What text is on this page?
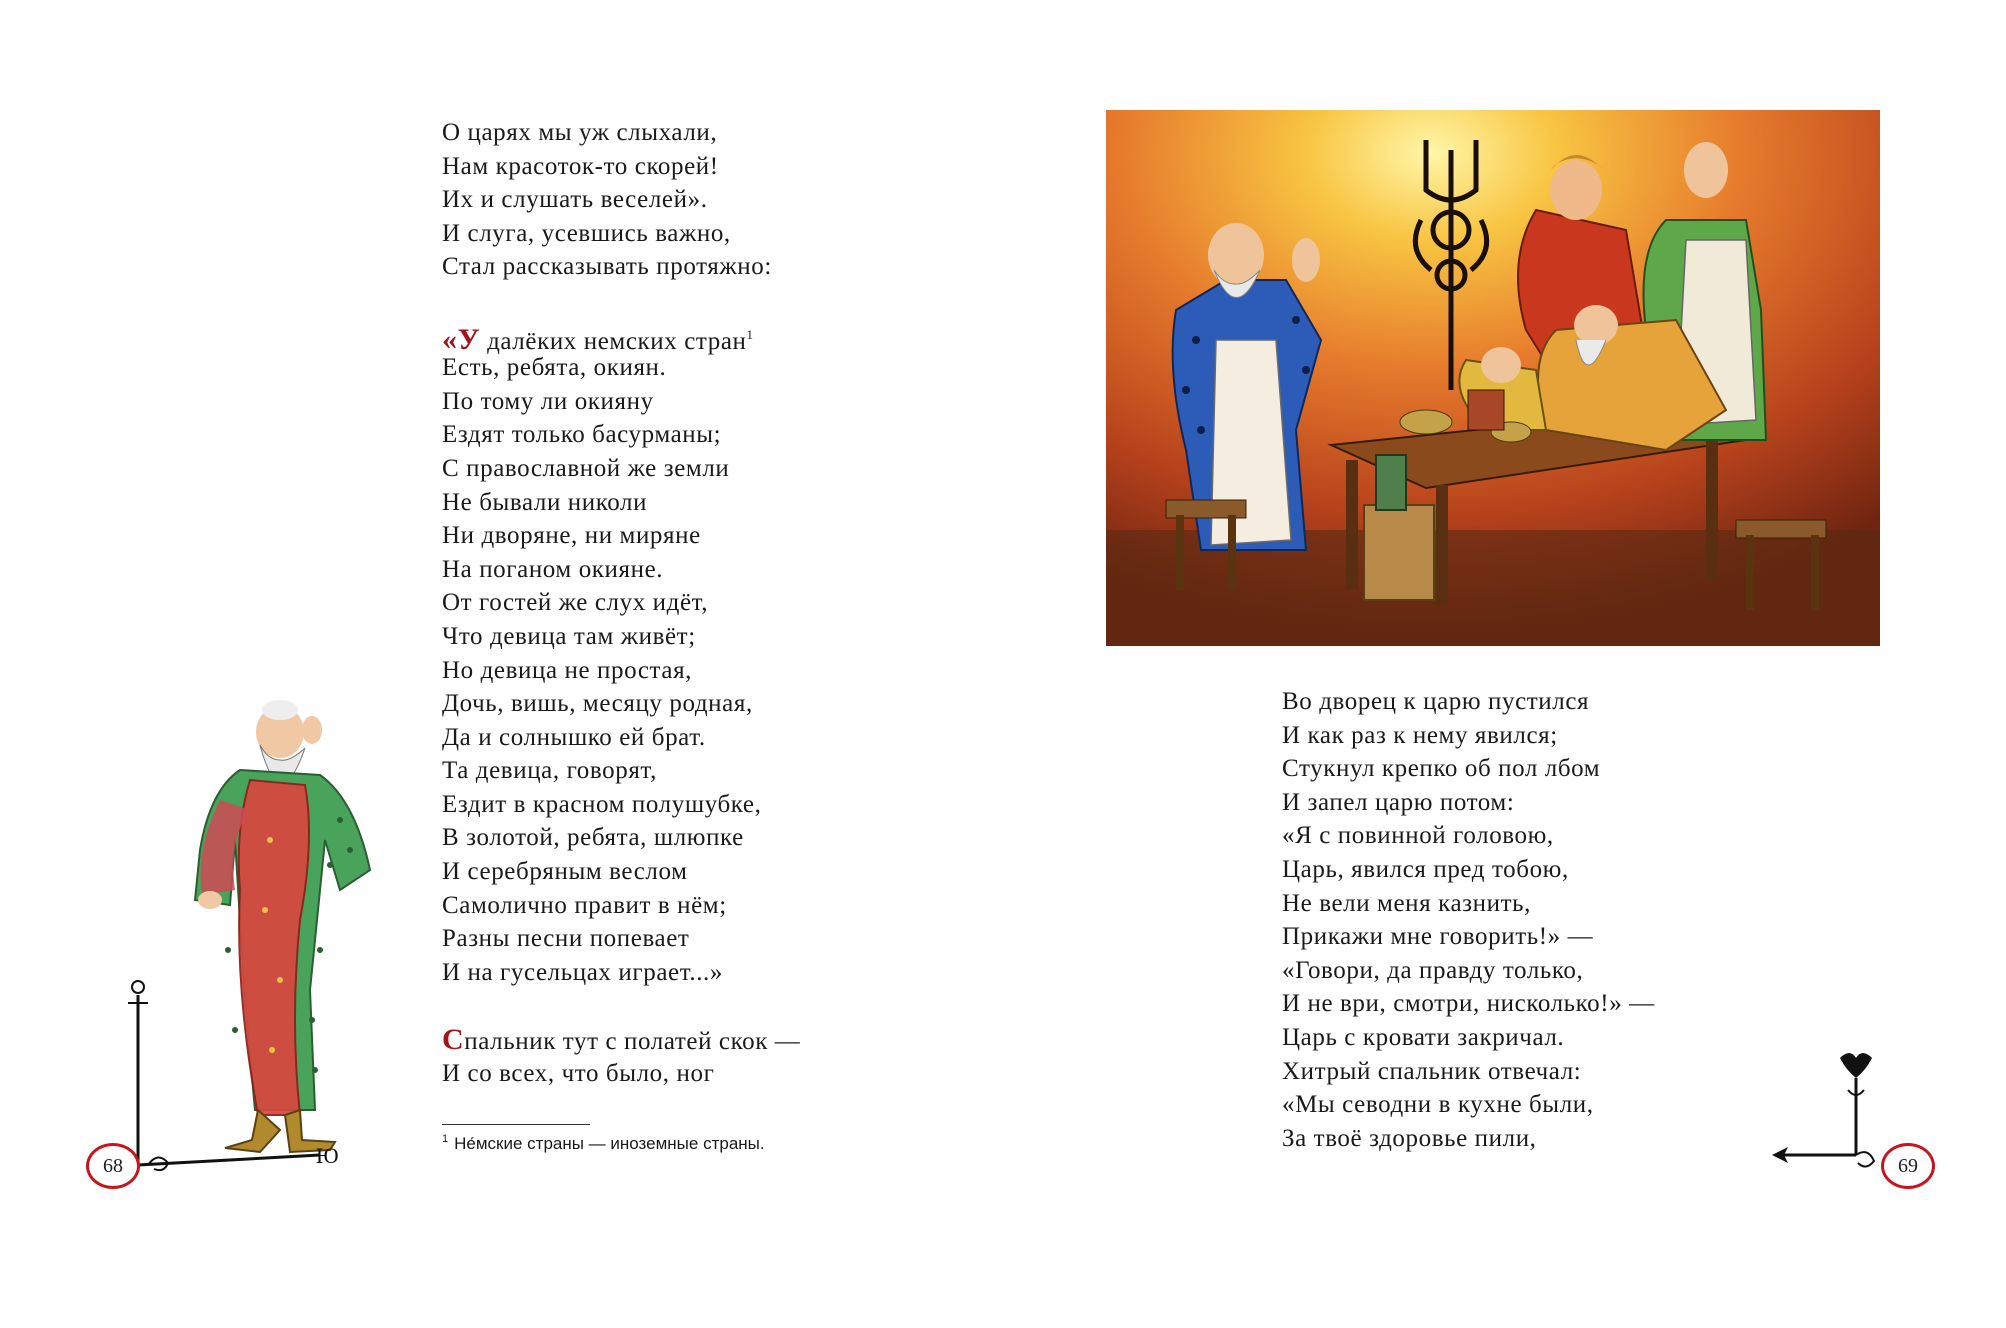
Ю
О царях мы уж слыхали,
Нам красоток-то скорей!
Их и слушать веселей».
И слуга, усевшись важно,
Стал рассказывать протяжно:
«У далёких немских стран$^1$
Есть, ребята, окиян.
По тому ли окияну
Ездят только басурманы;
С православной же земли
Не бывали николи
Ни дворяне, ни миряне
На поганом окияне.
От гостей же слух идёт,
Что девица там живёт;
Но девица не простая,
Дочь, вишь, месяцу родная,
Да и солнышко ей брат.
Та девица, говорят,
Ездит в красном полушубке,
В золотой, ребята, шлюпке
И серебряным веслом
Самолично правит в нём;
Разны песни попевает
И на гусельцах играет...»
Спальник тут с полатей скок —
И со всех, что было, ног
$^1$ Не́мские страны — иноземные страны.
Во дворец к царю пустился
И как раз к нему явился;
Стукнул крепко об пол лбом
И запел царю потом:
«Я с повинной головою,
Царь, явился пред тобою,
Не вели меня казнить,
Прикажи мне говорить!» —
«Говори, да правду только,
И не ври, смотри, нисколько!» —
Царь с кровати закричал.
Хитрый спальник отвечал:
«Мы севодни в кухне были,
За твоё здоровье пили,
68	69
